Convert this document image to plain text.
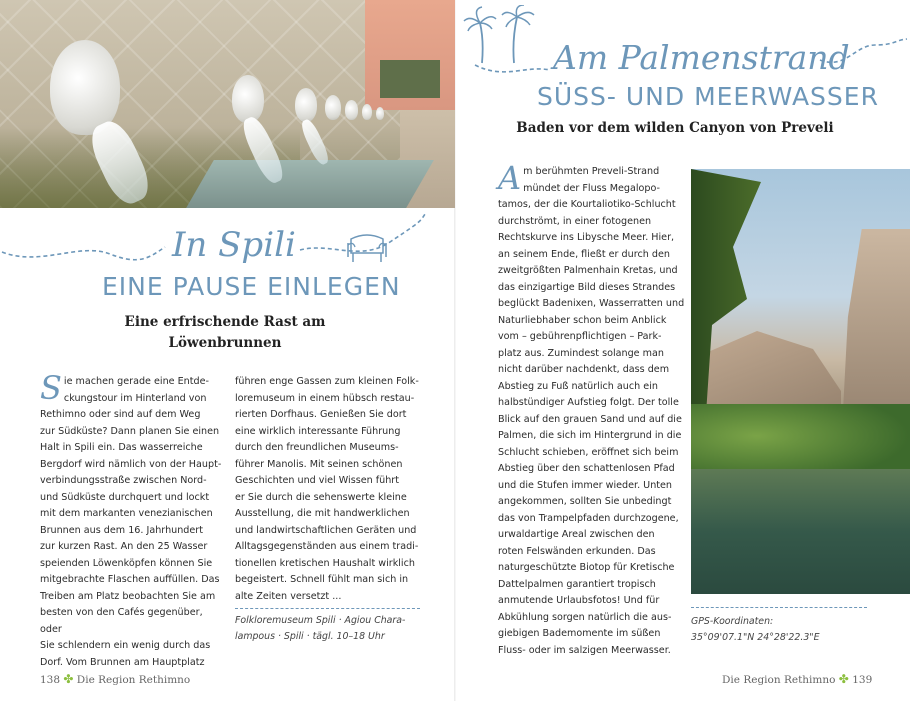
In Spili
EINE PAUSE EINLEGEN
Eine erfrischende Rast am
Löwenbrunnen
S ie machen gerade eine Entde-

ckungstour im Hinterland von

Rethimno oder sind auf dem Weg

zur Südküste? Dann planen Sie einen

Halt in Spili ein. Das wasserreiche

Bergdorf wird nämlich von der Haupt-

verbindungsstraße zwischen Nord-

und Südküste durchquert und lockt

mit dem markanten venezianischen

Brunnen aus dem 16. Jahrhundert

zur kurzen Rast. An den 25 Wasser

speienden Löwenköpfen können Sie

mitgebrachte Flaschen auffüllen. Das

Treiben am Platz beobachten Sie am

besten von den Cafés gegenüber, oder

Sie schlendern ein wenig durch das

Dorf. Vom Brunnen am Hauptplatz

führen enge Gassen zum kleinen Folk-

loremuseum in einem hübsch restau-

rierten Dorfhaus. Genießen Sie dort

eine wirklich interessante Führung

durch den freundlichen Museums-

führer Manolis. Mit seinen schönen

Geschichten und viel Wissen führt

er Sie durch die sehenswerte kleine

Ausstellung, die mit handwerklichen

und landwirtschaftlichen Geräten und

Alltagsgegenständen aus einem tradi-

tionellen kretischen Haushalt wirklich

begeistert. Schnell fühlt man sich in

alte Zeiten versetzt ...

Folkloremuseum Spili · Agiou Chara-
lampous · Spili · tägl. 10–18 Uhr
138 ✤ Die Region Rethimno
Am Palmenstrand
SÜSS- UND MEERWASSER
Baden vor dem wilden Canyon von Preveli
A m berühmten Preveli-Strand

mündet der Fluss Megalopo-

tamos, der die Kourtaliotiko-Schlucht

durchströmt, in einer fotogenen

Rechtskurve ins Libysche Meer. Hier,

an seinem Ende, fließt er durch den

zweitgrößten Palmenhain Kretas, und

das einzigartige Bild dieses Strandes

beglückt Badenixen, Wasserratten und

Naturliebhaber schon beim Anblick

vom – gebührenpflichtigen – Park-

platz aus. Zumindest solange man

nicht darüber nachdenkt, dass dem

Abstieg zu Fuß natürlich auch ein

halbstündiger Aufstieg folgt. Der tolle

Blick auf den grauen Sand und auf die

Palmen, die sich im Hintergrund in die

Schlucht schieben, eröffnet sich beim

Abstieg über den schattenlosen Pfad

und die Stufen immer wieder. Unten

angekommen, sollten Sie unbedingt

das von Trampelpfaden durchzogene,

urwaldartige Areal zwischen den

roten Felswänden erkunden. Das

naturgeschützte Biotop für Kretische

Dattelpalmen garantiert tropisch

anmutende Urlaubsfotos! Und für

Abkühlung sorgen natürlich die aus-

giebigen Bademomente im süßen

Fluss- oder im salzigen Meerwasser.

GPS-Koordinaten:
35°09'07.1"N 24°28'22.3"E
Die Region Rethimno ✤ 139
